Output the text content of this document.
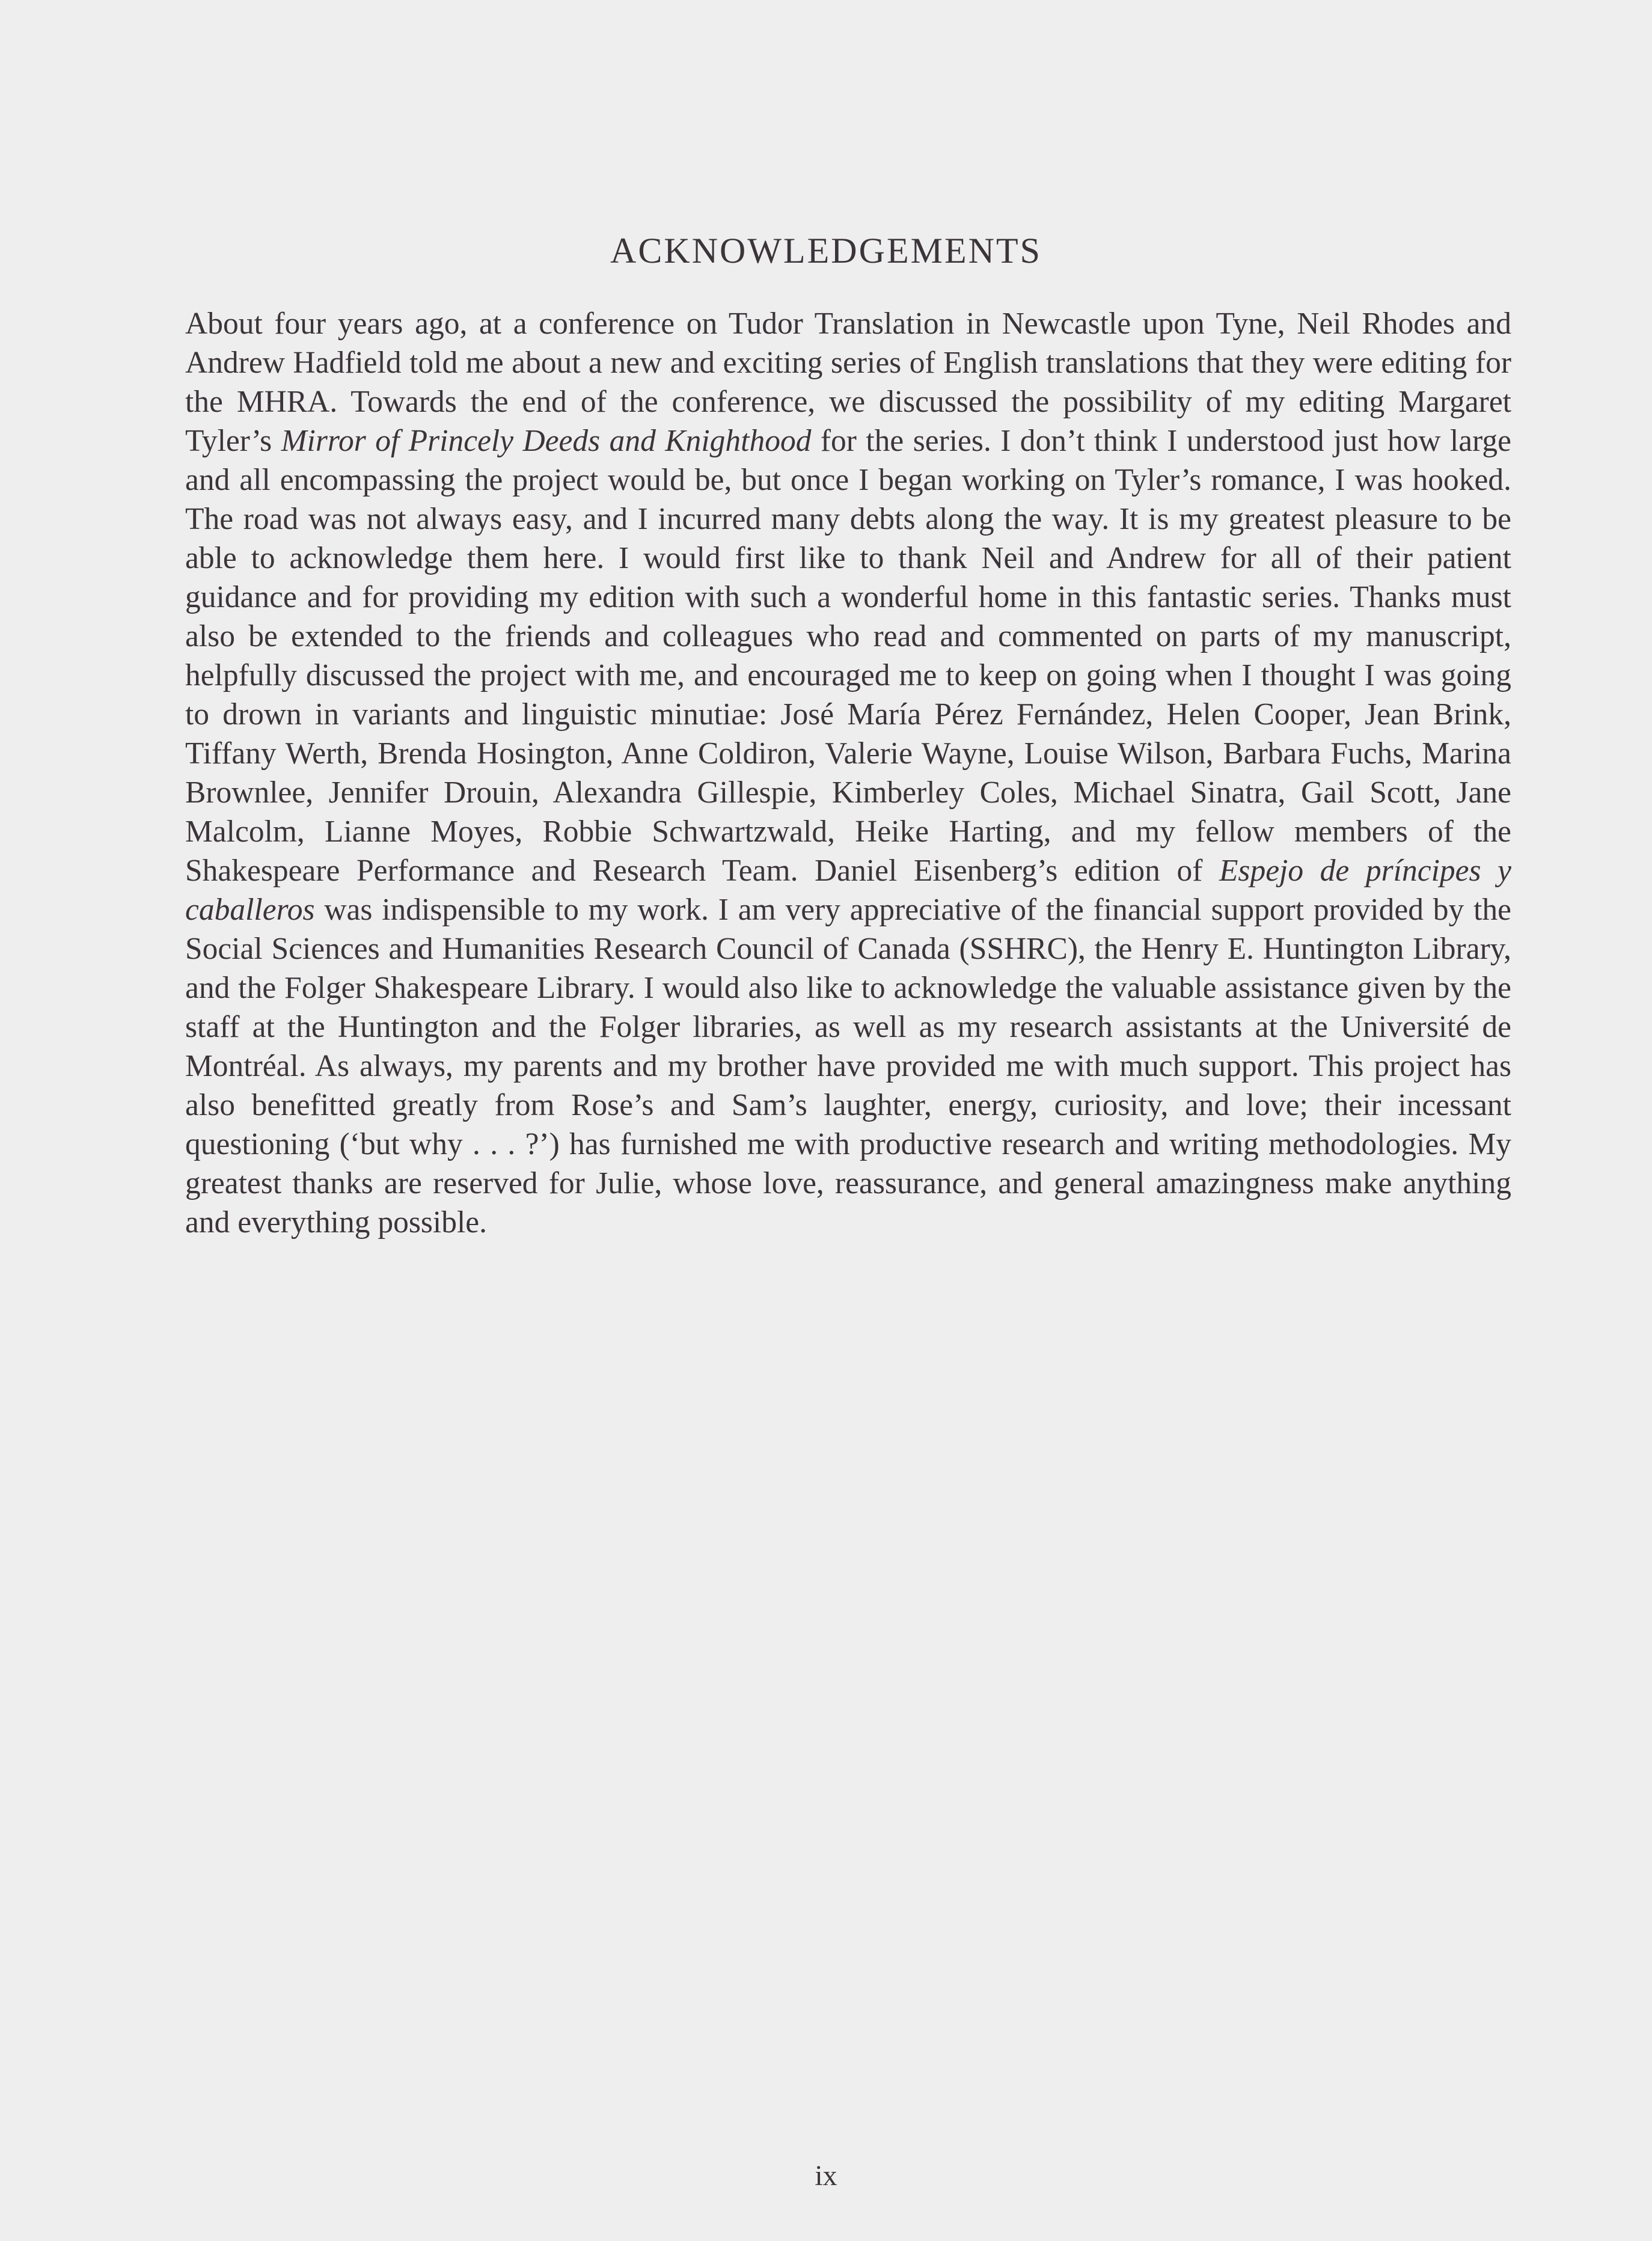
ACKNOWLEDGEMENTS

About four years ago, at a conference on Tudor Translation in Newcastle upon Tyne, Neil Rhodes and Andrew Hadfield told me about a new and exciting series of English translations that they were editing for the MHRA. Towards the end of the conference, we discussed the possibility of my editing Margaret Tyler’s Mirror of Princely Deeds and Knighthood for the series. I don’t think I understood just how large and all encompassing the project would be, but once I began working on Tyler’s romance, I was hooked. The road was not always easy, and I incurred many debts along the way. It is my greatest pleasure to be able to acknowledge them here. I would first like to thank Neil and Andrew for all of their patient guidance and for providing my edition with such a wonderful home in this fantastic series. Thanks must also be extended to the friends and colleagues who read and commented on parts of my manuscript, helpfully discussed the project with me, and encouraged me to keep on going when I thought I was going to drown in variants and linguistic minutiae: José María Pérez Fernández, Helen Cooper, Jean Brink, Tiffany Werth, Brenda Hosington, Anne Coldiron, Valerie Wayne, Louise Wilson, Barbara Fuchs, Marina Brownlee, Jennifer Drouin, Alexandra Gillespie, Kimberley Coles, Michael Sinatra, Gail Scott, Jane Malcolm, Lianne Moyes, Robbie Schwartzwald, Heike Harting, and my fellow members of the Shakespeare Performance and Research Team. Daniel Eisenberg’s edition of Espejo de príncipes y caballeros was indispensible to my work. I am very appreciative of the financial support provided by the Social Sciences and Humanities Research Council of Canada (SSHRC), the Henry E. Huntington Library, and the Folger Shakespeare Library. I would also like to acknowledge the valuable assistance given by the staff at the Huntington and the Folger libraries, as well as my research assistants at the Université de Montréal. As always, my parents and my brother have provided me with much support. This project has also benefitted greatly from Rose’s and Sam’s laughter, energy, curiosity, and love; their incessant questioning (‘but why . . . ?’) has furnished me with productive research and writing methodologies. My greatest thanks are reserved for Julie, whose love, reassurance, and general amazingness make anything and everything possible.

ix
